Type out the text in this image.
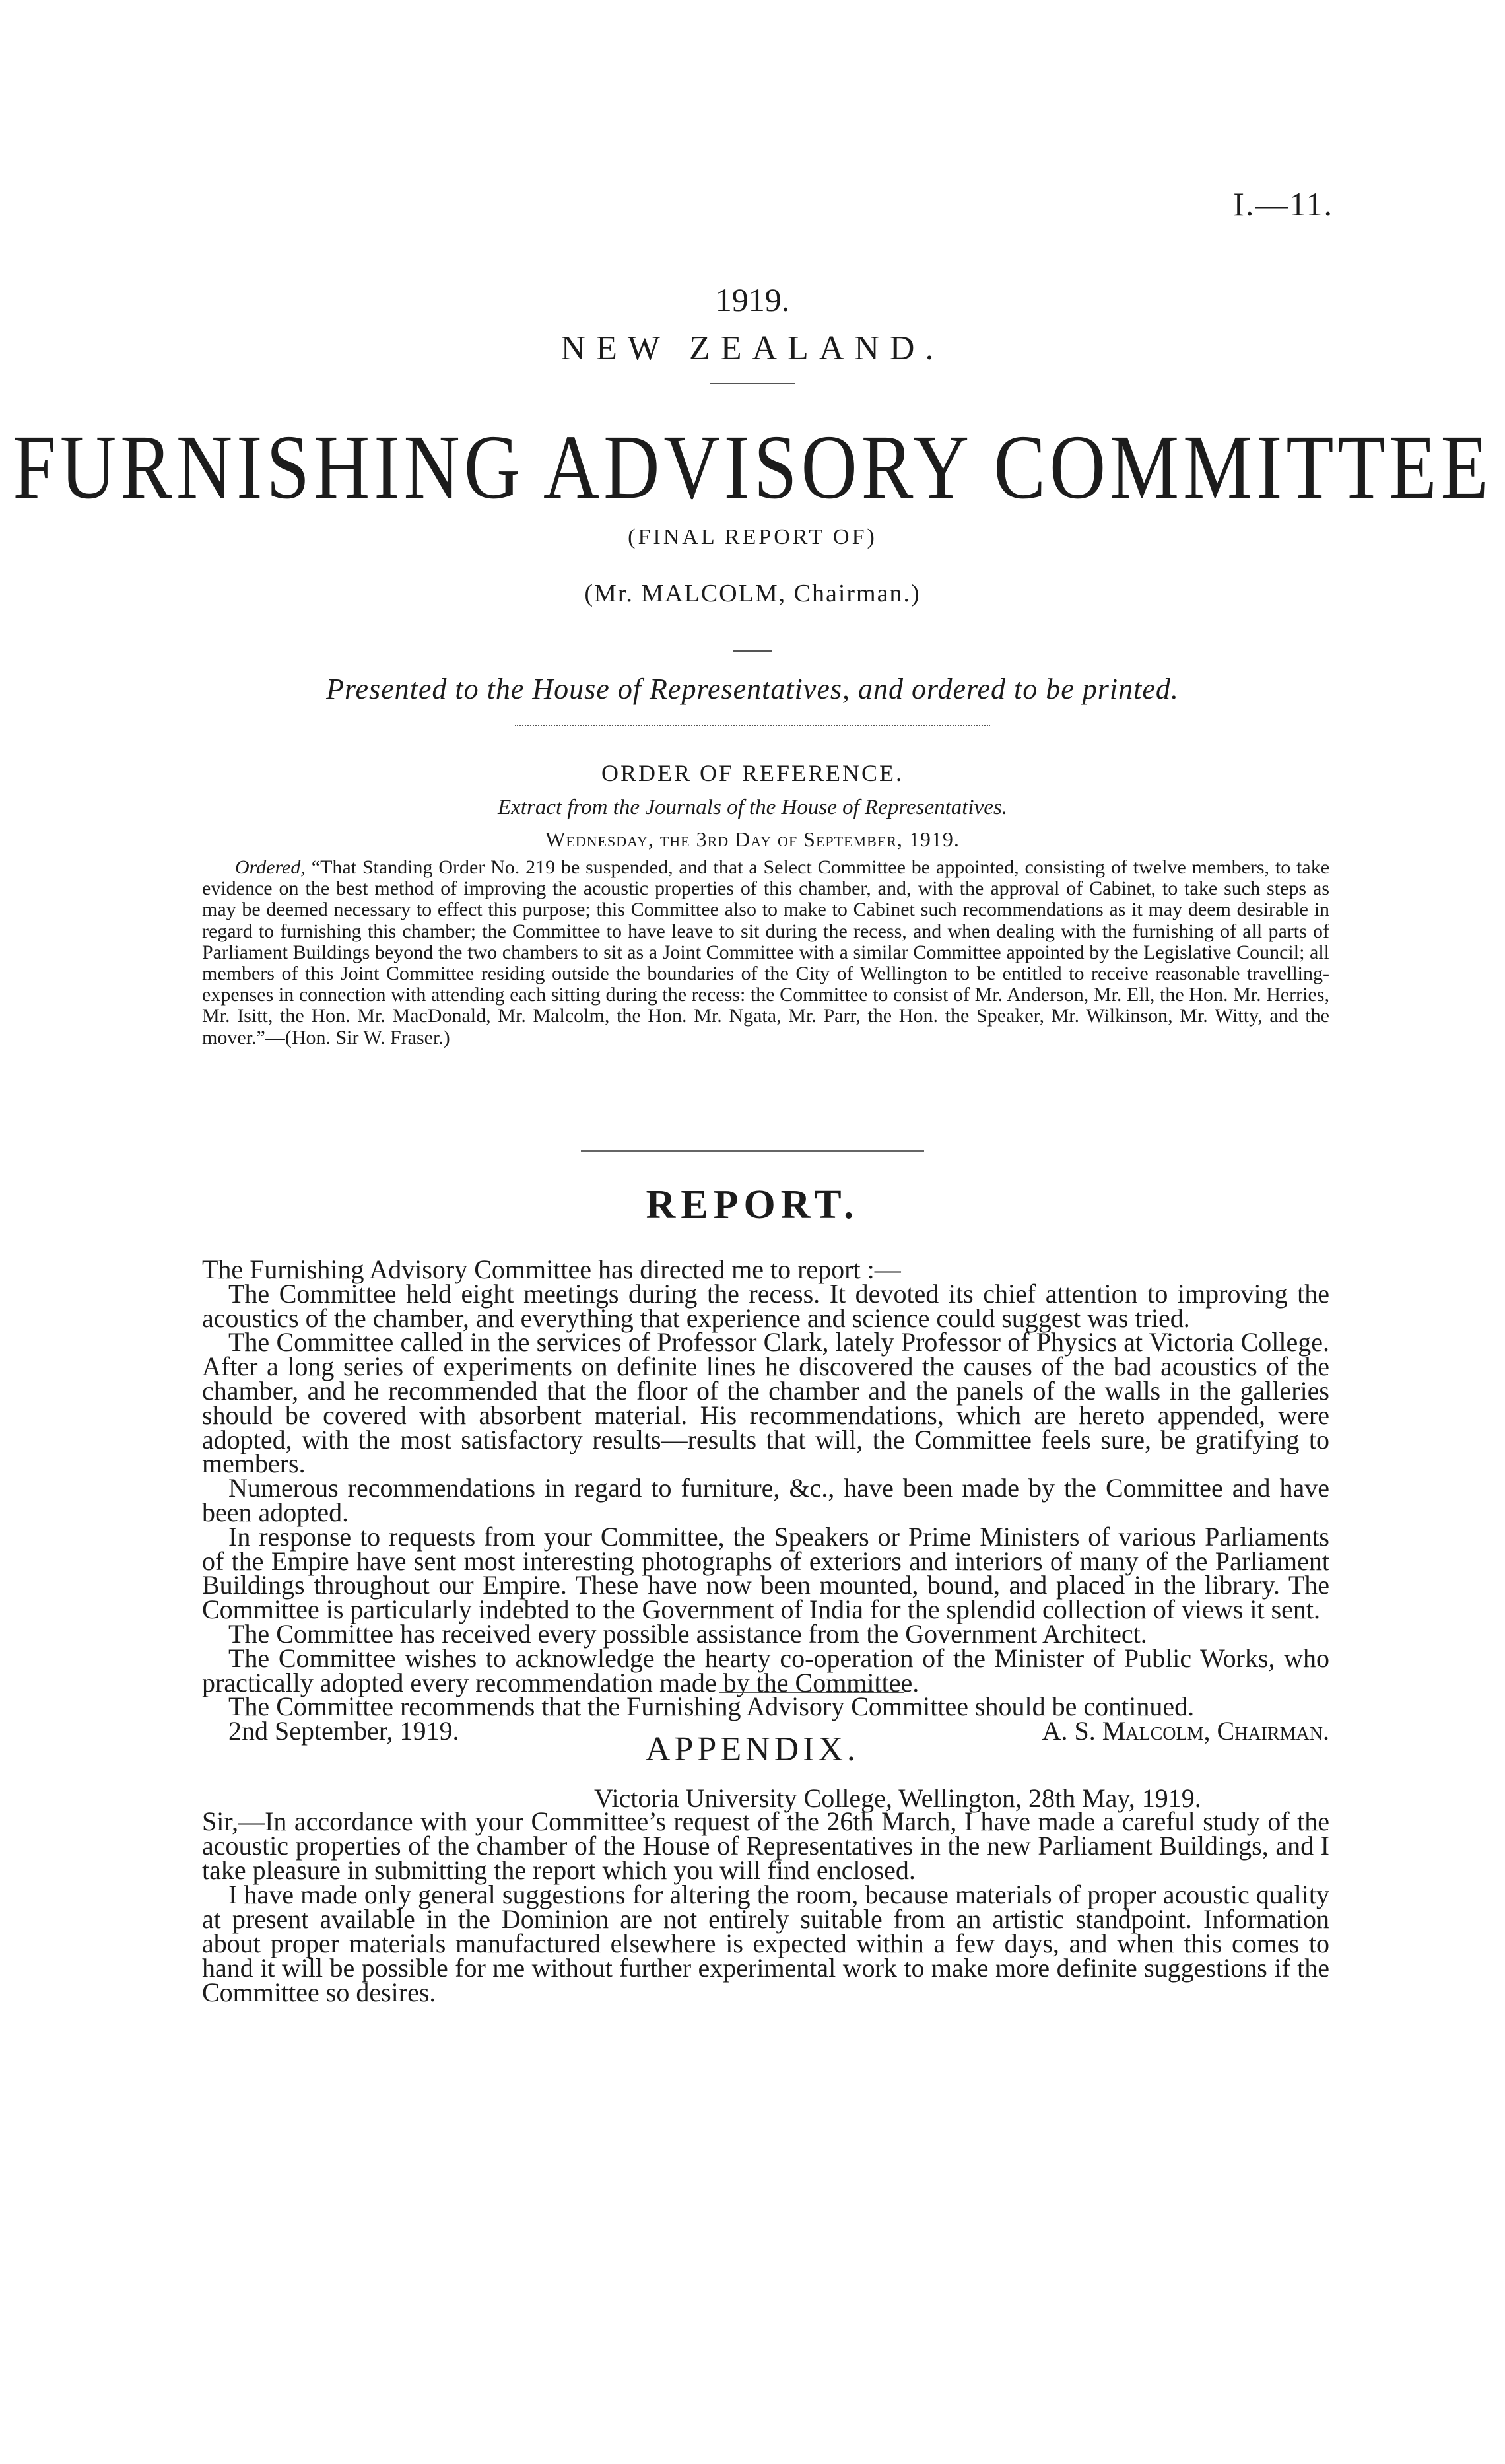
I.—11.
1919.
NEW ZEALAND.
FURNISHING ADVISORY COMMITTEE
(FINAL REPORT OF)
(Mr. MALCOLM, Chairman.)
Presented to the House of Representatives, and ordered to be printed.
ORDER OF REFERENCE.
Extract from the Journals of the House of Representatives.
Wednesday, the 3rd Day of September, 1919.

Ordered, “That Standing Order No. 219 be suspended, and that a Select Committee be appointed, consisting of twelve members, to take evidence on the best method of improving the acoustic properties of this chamber, and, with the approval of Cabinet, to take such steps as may be deemed necessary to effect this purpose; this Committee also to make to Cabinet such recommendations as it may deem desirable in regard to furnishing this chamber; the Committee to have leave to sit during the recess, and when dealing with the furnishing of all parts of Parliament Buildings beyond the two chambers to sit as a Joint Committee with a similar Committee appointed by the Legislative Council; all members of this Joint Committee residing outside the boundaries of the City of Wellington to be entitled to receive reasonable travelling-expenses in connection with attending each sitting during the recess: the Committee to consist of Mr. Anderson, Mr. Ell, the Hon. Mr. Herries, Mr. Isitt, the Hon. Mr. MacDonald, Mr. Malcolm, the Hon. Mr. Ngata, Mr. Parr, the Hon. the Speaker, Mr. Wilkinson, Mr. Witty, and the mover.”—(Hon. Sir W. Fraser.)

REPORT.

The Furnishing Advisory Committee has directed me to report :—

The Committee held eight meetings during the recess. It devoted its chief attention to improving the acoustics of the chamber, and everything that experience and science could suggest was tried.

The Committee called in the services of Professor Clark, lately Professor of Physics at Victoria College. After a long series of experiments on definite lines he discovered the causes of the bad acoustics of the chamber, and he recommended that the floor of the chamber and the panels of the walls in the galleries should be covered with absorbent material. His recommendations, which are hereto appended, were adopted, with the most satisfactory results—results that will, the Committee feels sure, be gratifying to members.

Numerous recommendations in regard to furniture, &c., have been made by the Committee and have been adopted.

In response to requests from your Committee, the Speakers or Prime Ministers of various Parliaments of the Empire have sent most interesting photographs of exteriors and interiors of many of the Parliament Buildings throughout our Empire. These have now been mounted, bound, and placed in the library. The Committee is particularly indebted to the Government of India for the splendid collection of views it sent.

The Committee has received every possible assistance from the Government Architect.

The Committee wishes to acknowledge the hearty co-operation of the Minister of Public Works, who practically adopted every recommendation made by the Committee.

The Committee recommends that the Furnishing Advisory Committee should be continued.

2nd September, 1919.	A. S. Malcolm, Chairman.
APPENDIX.
Victoria University College, Wellington, 28th May, 1919.

Sir,—In accordance with your Committee’s request of the 26th March, I have made a careful study of the acoustic properties of the chamber of the House of Representatives in the new Parliament Buildings, and I take pleasure in submitting the report which you will find enclosed.

I have made only general suggestions for altering the room, because materials of proper acoustic quality at present available in the Dominion are not entirely suitable from an artistic standpoint. Information about proper materials manufactured elsewhere is expected within a few days, and when this comes to hand it will be possible for me without further experimental work to make more definite suggestions if the Committee so desires.
